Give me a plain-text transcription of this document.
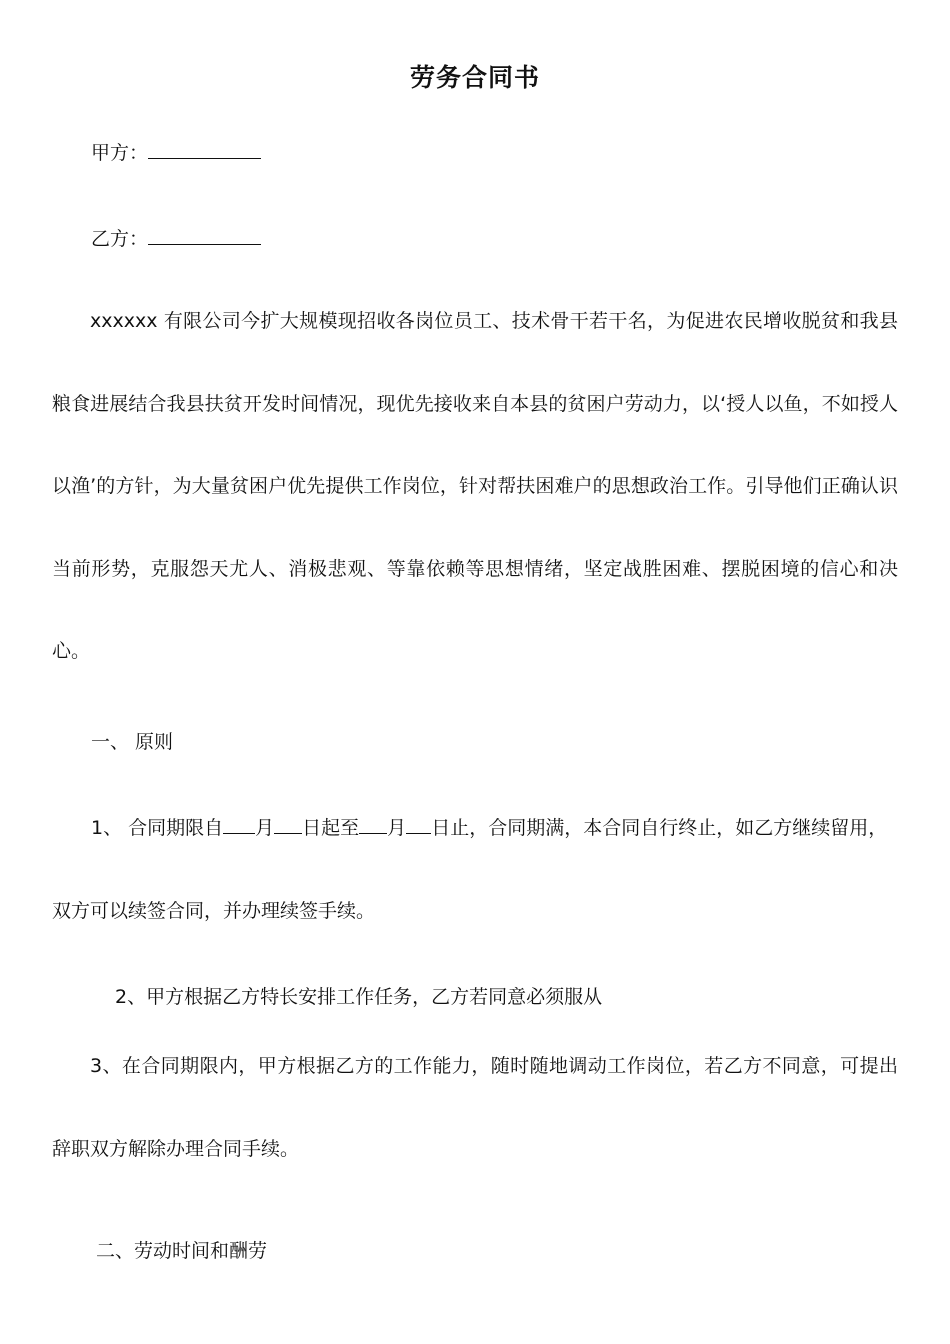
劳务合同书
甲方：
乙方：

xxxxxx 有限公司今扩大规模现招收各岗位员工、技术骨干若干名，为促进农民增收脱贫和我县粮食进展结合我县扶贫开发时间情况，现优先接收来自本县的贫困户劳动力，以‘授人以鱼，不如授人以渔’的方针，为大量贫困户优先提供工作岗位，针对帮扶困难户的思想政治工作。引导他们正确认识当前形势，克服怨天尤人、消极悲观、等靠依赖等思想情绪，坚定战胜困难、摆脱困境的信心和决心。

一、 原则
1、 合同期限自 月 日起至 月 日止，合同期满，本合同自行终止，如乙方继续留用，
双方可以续签合同，并办理续签手续。
2、甲方根据乙方特长安排工作任务，乙方若同意必须服从

3、在合同期限内，甲方根据乙方的工作能力，随时随地调动工作岗位，若乙方不同意，可提出辞职双方解除办理合同手续。

二、劳动时间和酬劳
